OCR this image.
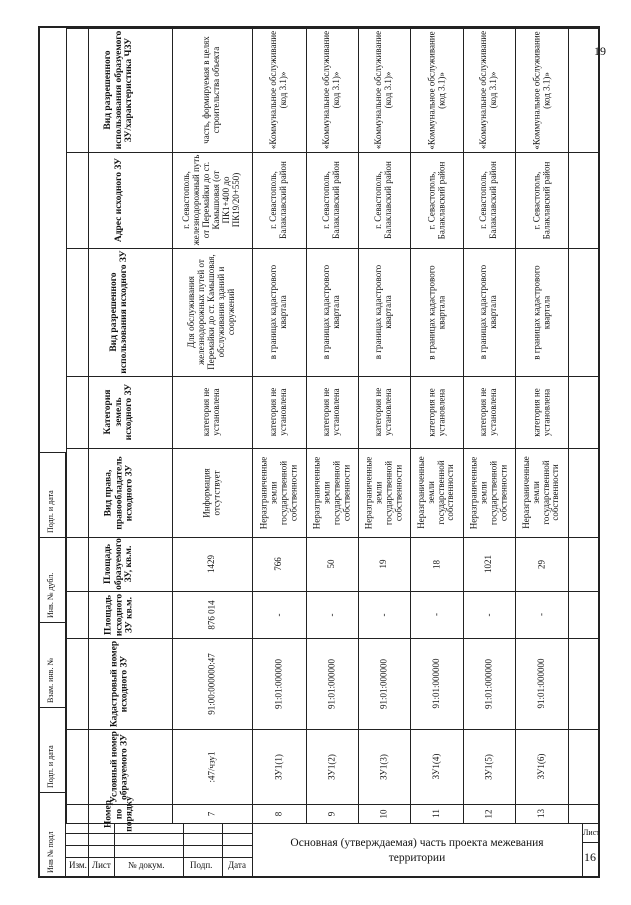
19
Подп. и дата
Инв. № дубл.
Взам. инв. №
Подп. и дата
Инв № подл
Вид разрешенного использования образуемого ЗУ/характеристика ЧЗУ
Адрес исходного ЗУ
Вид разрешенного использования исходного ЗУ
Категория земель исходного ЗУ
Вид права, правообладатель исходного ЗУ
Площадь образуемого ЗУ, кв.м.
Площадь исходного ЗУ кв.м.
Кадастровый номер исходного ЗУ
Условный номер образуемого ЗУ
Номер по порядку
часть, формируемая в целях строительства объекта
г. Севастополь, железнодорожный путь от Перемайки до ст. Камышовая (от ПК1+400 до ПК19/20+550)
Для обслуживания железнодорожных путей от Перемайки до ст. Камышовая, обслуживания зданий и сооружений
категория не установлена
Информация отсутствует
1429
876 014
91:00:000000:47
:47/чзу1
7
«Коммунальное обслуживание (код 3.1)»
г. Севастополь, Балаклавский район
в границах кадастрового квартала
категория не установлена
Неразграниченные земли государственной собственности
766
-
91:01:000000
ЗУ1(1)
8
«Коммунальное обслуживание (код 3.1)»
г. Севастополь, Балаклавский район
в границах кадастрового квартала
категория не установлена
Неразграниченные земли государственной собственности
50
-
91:01:000000
ЗУ1(2)
9
«Коммунальное обслуживание (код 3.1)»
г. Севастополь, Балаклавский район
в границах кадастрового квартала
категория не установлена
Неразграниченные земли государственной собственности
19
-
91:01:000000
ЗУ1(3)
10
«Коммунальное обслуживание (код 3.1)»
г. Севастополь, Балаклавский район
в границах кадастрового квартала
категория не установлена
Неразграниченные земли государственной собственности
18
-
91:01:000000
ЗУ1(4)
11
«Коммунальное обслуживание (код 3.1)»
г. Севастополь, Балаклавский район
в границах кадастрового квартала
категория не установлена
Неразграниченные земли государственной собственности
1021
-
91:01:000000
ЗУ1(5)
12
«Коммунальное обслуживание (код 3.1)»
г. Севастополь, Балаклавский район
в границах кадастрового квартала
категория не установлена
Неразграниченные земли государственной собственности
29
-
91:01:000000
ЗУ1(6)
13
Изм. Лист № докум.	Подп. Дата
Основная (утверждаемая) часть проекта межевания
территории
Лист
16
